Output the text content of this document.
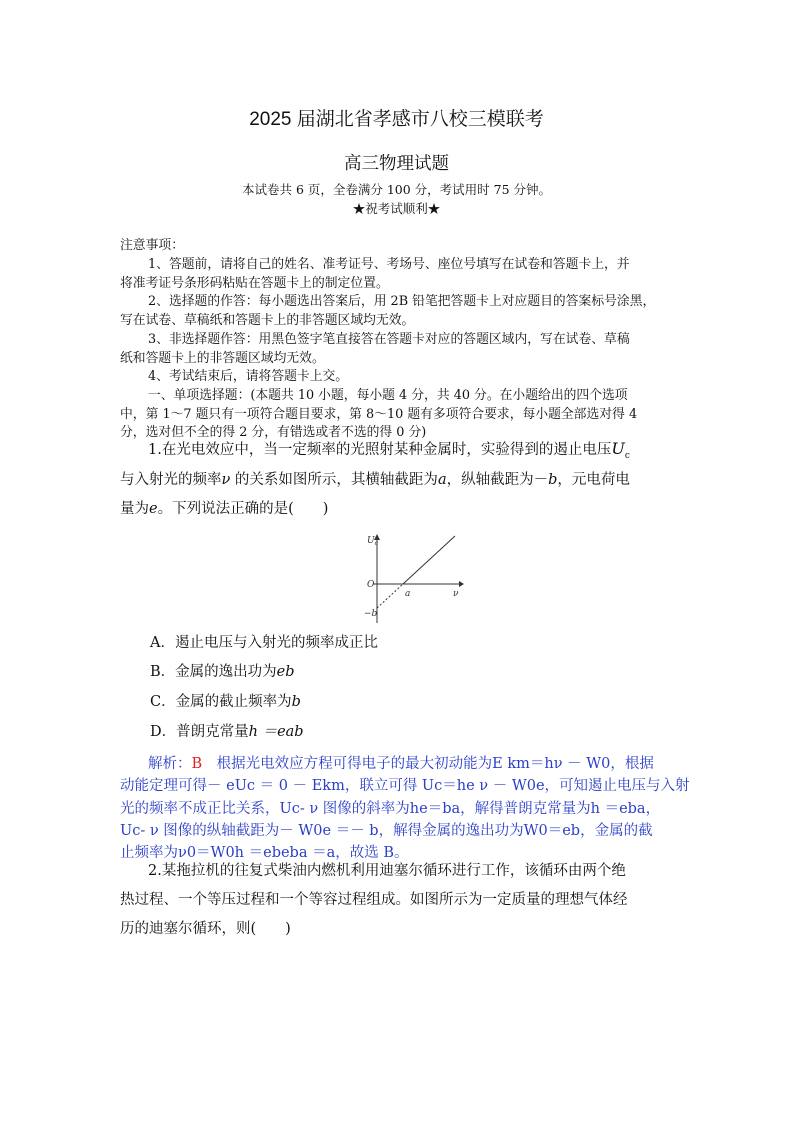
2025 届湖北省孝感市八校三模联考
高三物理试题
本试卷共 6 页，全卷满分 100 分，考试用时 75 分钟。
★祝考试顺利★
注意事项：
1、答题前，请将自己的姓名、准考证号、考场号、座位号填写在试卷和答题卡上，并
将准考证号条形码粘贴在答题卡上的制定位置。
2、选择题的作答：每小题选出答案后，用 2B 铅笔把答题卡上对应题目的答案标号涂黑，
写在试卷、草稿纸和答题卡上的非答题区域均无效。
3、非选择题作答：用黑色签字笔直接答在答题卡对应的答题区域内，写在试卷、草稿
纸和答题卡上的非答题区域均无效。
4、考试结束后，请将答题卡上交。
一、单项选择题：(本题共 10 小题，每小题 4 分，共 40 分。在小题给出的四个选项
中，第 1～7 题只有一项符合题目要求，第 8～10 题有多项符合要求，每小题全部选对得 4
分，选对但不全的得 2 分，有错选或者不选的得 0 分)
1.在光电效应中，当一定频率的光照射某种金属时，实验得到的遏止电压$U_c$
与入射光的频率ν 的关系如图所示，其横轴截距为a，纵轴截距为－b，元电荷电
量为e。下列说法正确的是(　　)
$U_c$
O
a	ν
−b
A．遏止电压与入射光的频率成正比
B．金属的逸出功为eb
C．金属的截止频率为b
D．普朗克常量h ＝eab
解析：B　 根据光电效应方程可得电子的最大初动能为E km＝hν － W0，根据
动能定理可得－ eUc ＝ 0 － Ekm，联立可得 Uc＝he ν － W0e，可知遏止电压与入射
光的频率不成正比关系，Uc- ν 图像的斜率为he＝ba，解得普朗克常量为h ＝eba，
Uc- ν 图像的纵轴截距为－ W0e ＝－ b，解得金属的逸出功为W0＝eb，金属的截
止频率为ν0＝W0h ＝ebeba ＝a，故选 B。
2.某拖拉机的往复式柴油内燃机利用迪塞尔循环进行工作，该循环由两个绝
热过程、一个等压过程和一个等容过程组成。如图所示为一定质量的理想气体经
历的迪塞尔循环，则(　　)
